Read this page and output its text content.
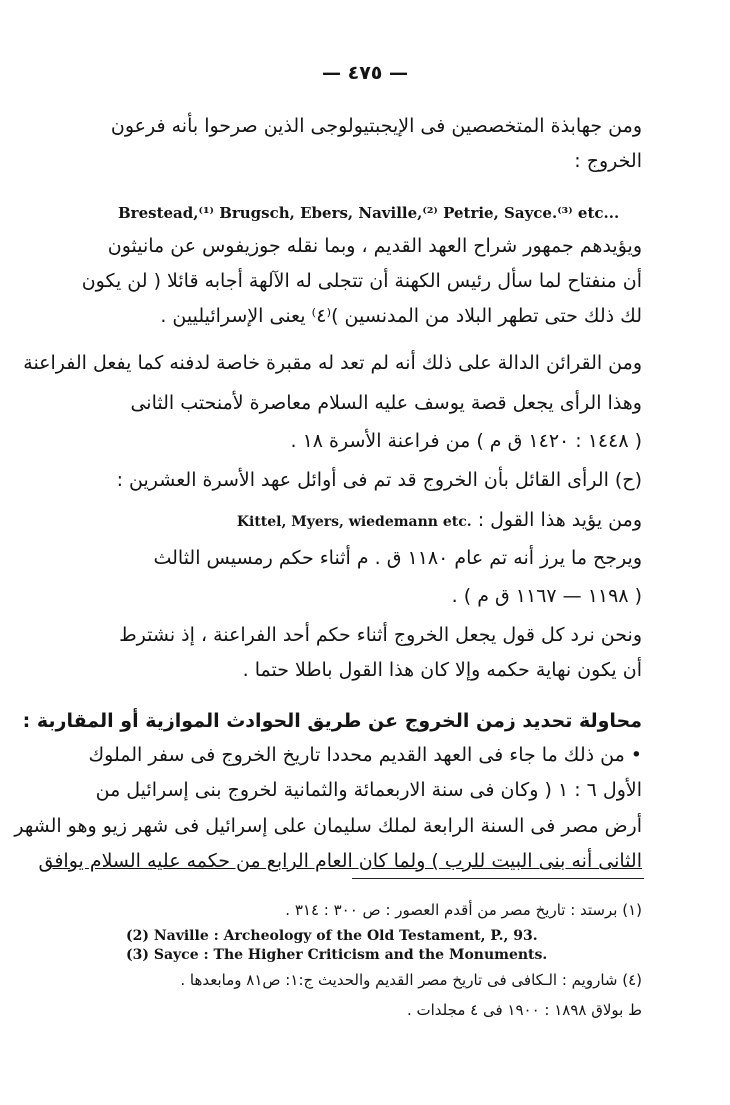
— ٤٧٥ —
ومن جهابذة المتخصصين فى الإيجبتيولوجى الذين صرحوا بأنه فرعون
الخروج :
Brestead,⁽¹⁾ Brugsch, Ebers, Naville,⁽²⁾ Petrie, Sayce.⁽³⁾ etc...
ويؤيدهم جمهور شراح العهد القديم ، وبما نقله جوزيفوس عن مانيثون
أن منفتاح لما سأل رئيس الكهنة أن تتجلى له الآلهة أجابه قائلا ( لن يكون
لك ذلك حتى تطهر البلاد من المدنسين )⁽٤⁾ يعنى الإسرائيليين .
ومن القرائن الدالة على ذلك أنه لم تعد له مقبرة خاصة لدفنه كما يفعل الفراعنة
وهذا الرأى يجعل قصة يوسف عليه السلام معاصرة لأمنحتب الثانى
( ١٤٤٨ : ١٤٢٠ ق م ) من فراعنة الأسرة ١٨ .
(ح) الرأى القائل بأن الخروج قد تم فى أوائل عهد الأسرة العشرين :
ومن يؤيد هذا القول : Kittel, Myers, wiedemann etc.
ويرجح ما يرز أنه تم عام ١١٨٠ ق . م أثناء حكم رمسيس الثالث
( ١١٩٨ — ١١٦٧ ق م ) .
ونحن نرد كل قول يجعل الخروج أثناء حكم أحد الفراعنة ، إذ نشترط
أن يكون نهاية حكمه وإلا كان هذا القول باطلا حتما .
محاولة تحديد زمن الخروج عن طريق الحوادث الموازية أو المقاربة :
• من ذلك ما جاء فى العهد القديم محددا تاريخ الخروج فى سفر الملوك
الأول ٦ : ١ ( وكان فى سنة الاربعمائة والثمانية لخروج بنى إسرائيل من
أرض مصر فى السنة الرابعة لملك سليمان على إسرائيل فى شهر زيو وهو الشهر
الثانى أنه بنى البيت للرب ) ولما كان العام الرابع من حكمه عليه السلام يوافق
(١) برستد : تاريخ مصر من أقدم العصور : ص ٣٠٠ : ٣١٤ .
(2) Naville : Archeology of the Old Testament, P., 93.
(3) Sayce : The Higher Criticism and the Monuments.
(٤) شارويم : الـكافى فى تاريخ مصر القديم والحديث ج:١: ص٨١ ومابعدها .
ط بولاق ١٨٩٨ : ١٩٠٠ فى ٤ مجلدات .
